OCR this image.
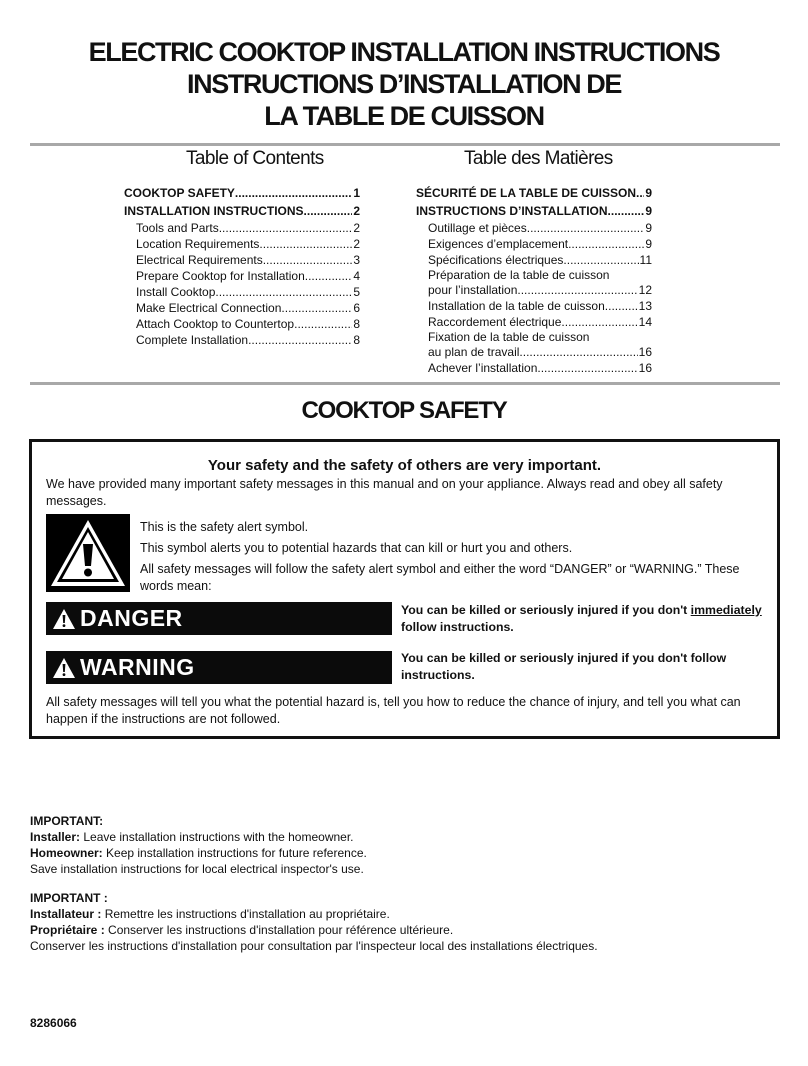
ELECTRIC COOKTOP INSTALLATION INSTRUCTIONS
INSTRUCTIONS D’INSTALLATION DE
LA TABLE DE CUISSON
Table of Contents
COOKTOP SAFETY .....	1
INSTALLATION INSTRUCTIONS .....	2
Tools and Parts .....	2
Location Requirements .....	2
Electrical Requirements .....	3
Prepare Cooktop for Installation .....	4
Install Cooktop .....	5
Make Electrical Connection .....	6
Attach Cooktop to Countertop .....	8
Complete Installation .....	8
Table des Matières
SÉCURITÉ DE LA TABLE DE CUISSON ..... 9
INSTRUCTIONS D’INSTALLATION .....	9
Outillage et pièces .....	9
Exigences d’emplacement .....	9
Spécifications électriques .....	11
Préparation de la table de cuisson
pour l’installation .....	12
Installation de la table de cuisson .....	13
Raccordement électrique .....	14
Fixation de la table de cuisson
au plan de travail .....	16
Achever l’installation .....	16
COOKTOP SAFETY
Your safety and the safety of others are very important.
We have provided many important safety messages in this manual and on your appliance. Always read and obey all safety messages.

This is the safety alert symbol.

This symbol alerts you to potential hazards that can kill or hurt you and others.

All safety messages will follow the safety alert symbol and either the word “DANGER” or “WARNING.” These words mean:

DANGER	You can be killed or seriously injured if you don't immediately follow instructions.
WARNING	You can be killed or seriously injured if you don't follow instructions.
All safety messages will tell you what the potential hazard is, tell you how to reduce the chance of injury, and tell you what can happen if the instructions are not followed.
IMPORTANT:
Installer: Leave installation instructions with the homeowner.
Homeowner: Keep installation instructions for future reference.
Save installation instructions for local electrical inspector's use.
IMPORTANT :
Installateur : Remettre les instructions d'installation au propriétaire.
Propriétaire : Conserver les instructions d'installation pour référence ultérieure.
Conserver les instructions d'installation pour consultation par l'inspecteur local des installations électriques.
8286066
